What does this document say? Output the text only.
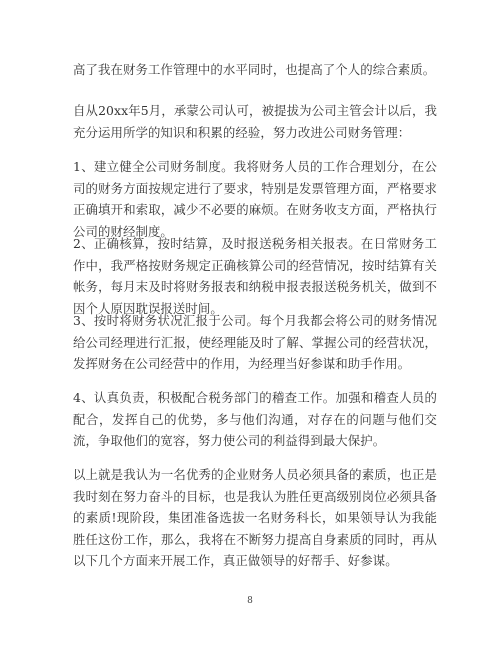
高了我在财务工作管理中的水平同时，也提高了个人的综合素质。

自从20xx年5月，承蒙公司认可，被提拔为公司主管会计以后，我充分运用所学的知识和积累的经验，努力改进公司财务管理：

1、建立健全公司财务制度。我将财务人员的工作合理划分，在公司的财务方面按规定进行了要求，特别是发票管理方面，严格要求正确填开和索取，减少不必要的麻烦。在财务收支方面，严格执行公司的财经制度。

2、正确核算，按时结算，及时报送税务相关报表。在日常财务工作中，我严格按财务规定正确核算公司的经营情况，按时结算有关帐务，每月末及时将财务报表和纳税申报表报送税务机关，做到不因个人原因耽误报送时间。

3、按时将财务状况汇报于公司。每个月我都会将公司的财务情况给公司经理进行汇报，使经理能及时了解、掌握公司的经营状况，发挥财务在公司经营中的作用，为经理当好参谋和助手作用。

4、认真负责，积极配合税务部门的稽查工作。加强和稽查人员的配合，发挥自己的优势，多与他们沟通，对存在的问题与他们交流，争取他们的宽容，努力使公司的利益得到最大保护。

以上就是我认为一名优秀的企业财务人员必须具备的素质，也正是我时刻在努力奋斗的目标，也是我认为胜任更高级别岗位必须具备的素质!现阶段，集团准备选拔一名财务科长，如果领导认为我能胜任这份工作，那么，我将在不断努力提高自身素质的同时，再从以下几个方面来开展工作，真正做领导的好帮手、好参谋。

8
